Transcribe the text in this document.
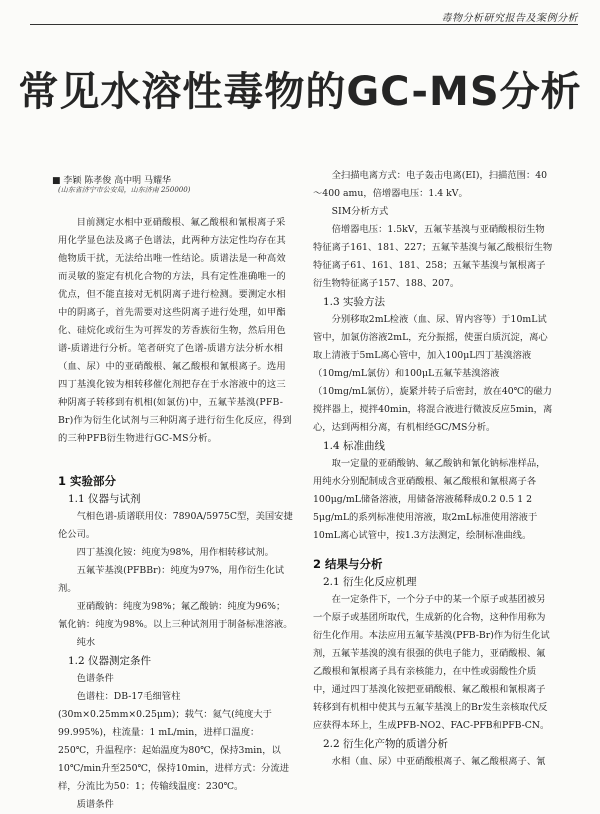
毒物分析研究报告及案例分析
常见水溶性毒物的GC-MS分析
■ 李颖 陈孝俊 高中明 马耀华
(山东省济宁市公安局，山东济南 250000)

目前测定水相中亚硝酸根、氟乙酸根和氰根离子采用化学显色法及离子色谱法，此两种方法定性均存在其他物质干扰，无法给出唯一性结论。质谱法是一种高效而灵敏的鉴定有机化合物的方法，具有定性准确唯一的优点，但不能直接对无机阴离子进行检测。要测定水相中的阴离子，首先需要对这些阴离子进行处理，如甲酯化、硅烷化或衍生为可挥发的芳香族衍生物，然后用色谱-质谱进行分析。笔者研究了色谱-质谱方法分析水相（血、尿）中的亚硝酸根、氟乙酸根和氰根离子。选用四丁基溴化铵为相转移催化剂把存在于水溶液中的这三种阴离子转移到有机相(如氯仿)中，五氟苄基溴(PFB-Br)作为衍生化试剂与三种阴离子进行衍生化反应，得到的三种PFB衍生物进行GC-MS分析。

1 实验部分

1.1 仪器与试剂

气相色谱-质谱联用仪：7890A/5975C型，美国安捷伦公司。

四丁基溴化铵：纯度为98%，用作相转移试剂。

五氟苄基溴(PFBBr)：纯度为97%，用作衍生化试剂。

亚硝酸钠：纯度为98%；氟乙酸钠：纯度为96%；氰化钠：纯度为98%。以上三种试剂用于制备标准溶液。

纯水

1.2 仪器测定条件

色谱条件

色谱柱：DB-17毛细管柱(30m×0.25mm×0.25μm)；载气：氦气(纯度大于99.995%)，柱流量：1 mL/min，进样口温度：250℃，升温程序：起始温度为80℃，保持3min，以10℃/min升至250℃，保持10min，进样方式：分流进样，分流比为50：1；传输线温度：230℃。

质谱条件

全扫描电离方式：电子轰击电离(EI)，扫描范围：40～400 amu，倍增器电压：1.4 kV。

SIM分析方式

倍增器电压：1.5kV，五氟苄基溴与亚硝酸根衍生物特征离子161、181、227；五氟苄基溴与氟乙酸根衍生物特征离子61、161、181、258；五氟苄基溴与氰根离子衍生物特征离子157、188、207。

1.3 实验方法

分别移取2mL检液（血、尿、胃内容等）于10mL试管中，加氯仿溶液2mL，充分振摇，使蛋白质沉淀，离心取上清液于5mL离心管中，加入100μL四丁基溴溶液（10mg/mL氯仿）和100μL五氟苄基溴溶液（10mg/mL氯仿），旋紧并转子后密封，放在40℃的磁力搅拌器上，搅拌40min，将混合液进行微波反应5min，离心，达到两相分离，有机相经GC/MS分析。

1.4 标准曲线

取一定量的亚硝酸钠、氟乙酸钠和氰化钠标准样品，用纯水分别配制成含亚硝酸根、氟乙酸根和氰根离子各100μg/mL储备溶液，用储备溶液稀释成0.2 0.5 1 2 5μg/mL的系列标准使用溶液，取2mL标准使用溶液于10mL离心试管中，按1.3方法测定，绘制标准曲线。

2 结果与分析

2.1 衍生化反应机理

在一定条件下，一个分子中的某一个原子或基团被另一个原子或基团所取代，生成新的化合物，这种作用称为衍生化作用。本法应用五氟苄基溴(PFB-Br)作为衍生化试剂，五氟苄基溴的溴有很强的供电子能力，亚硝酸根、氟乙酸根和氰根离子具有亲核能力，在中性或弱酸性介质中，通过四丁基溴化铵把亚硝酸根、氟乙酸根和氰根离子转移到有机相中使其与五氟苄基溴上的Br发生亲核取代反应获得本环上，生成PFB-NO2、FAC-PFB和PFB-CN。

2.2 衍生化产物的质谱分析

水相（血、尿）中亚硝酸根离子、氟乙酸根离子、氰
